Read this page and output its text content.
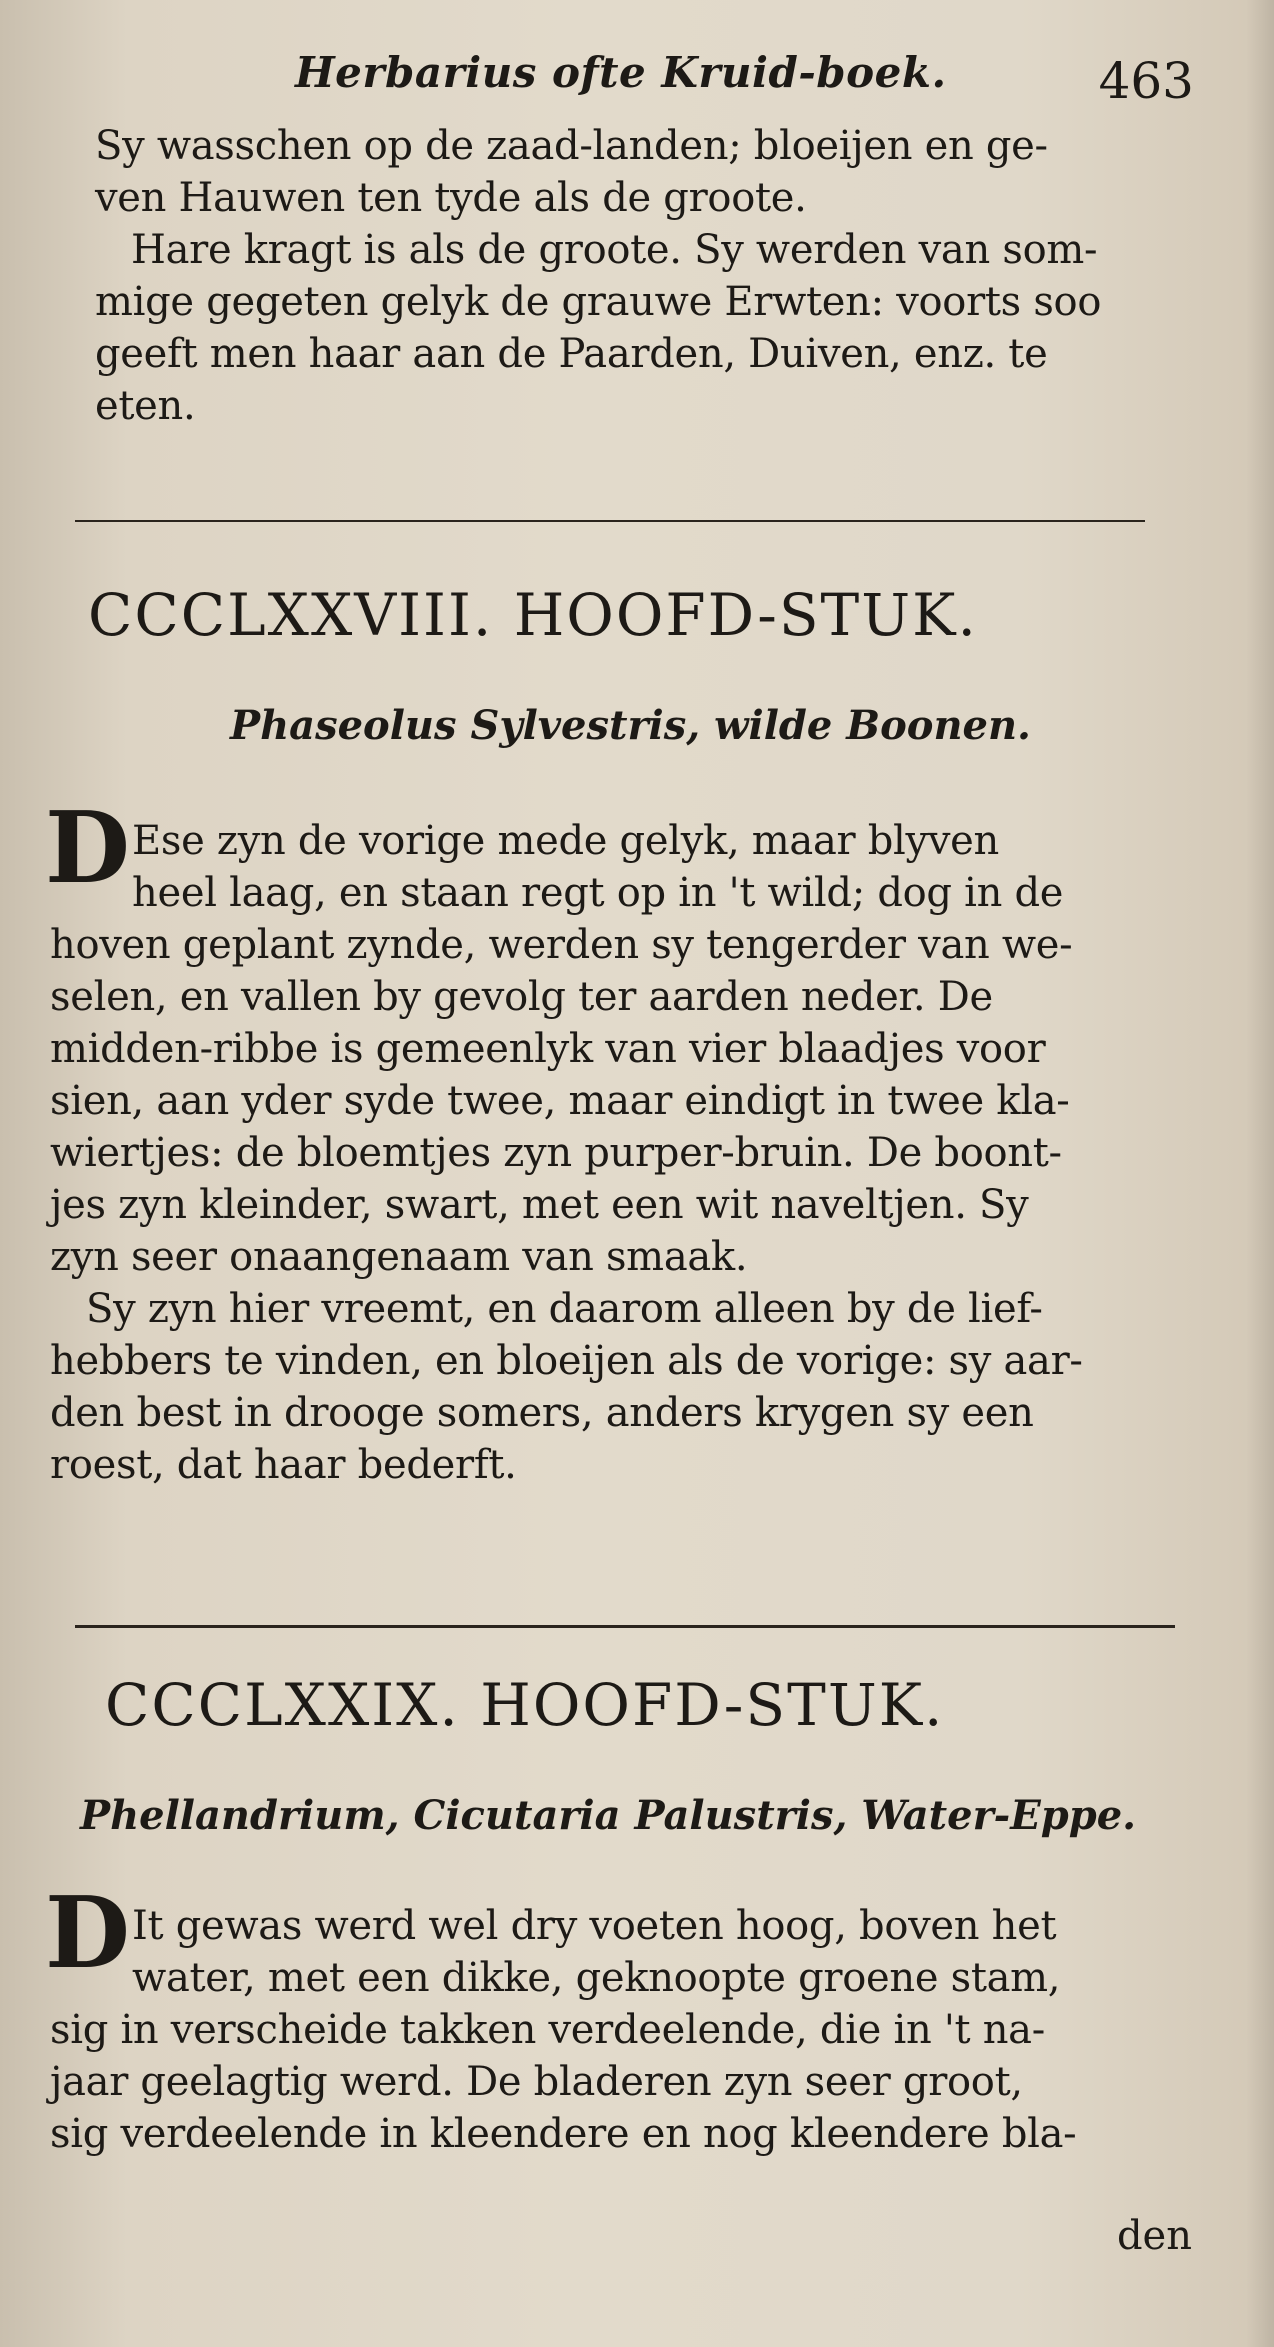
Herbarius ofte Kruid-boek.	463
Sy wasschen op de zaad-landen; bloeijen en ge-
ven Hauwen ten tyde als de groote.
Hare kragt is als de groote. Sy werden van som-
mige gegeten gelyk de grauwe Erwten: voorts soo
geeft men haar aan de Paarden, Duiven, enz. te
eten.
CCCLXXVIII. HOOFD-STUK.
Phaseolus Sylvestris, wilde Boonen.
D Ese zyn de vorige mede gelyk, maar blyven
heel laag, en staan regt op in 't wild; dog in de
hoven geplant zynde, werden sy tengerder van we-
selen, en vallen by gevolg ter aarden neder. De
midden-ribbe is gemeenlyk van vier blaadjes voor
sien, aan yder syde twee, maar eindigt in twee kla-
wiertjes: de bloemtjes zyn purper-bruin. De boont-
jes zyn kleinder, swart, met een wit naveltjen. Sy
zyn seer onaangenaam van smaak.
Sy zyn hier vreemt, en daarom alleen by de lief-
hebbers te vinden, en bloeijen als de vorige: sy aar-
den best in drooge somers, anders krygen sy een
roest, dat haar bederft.
CCCLXXIX. HOOFD-STUK.
Phellandrium, Cicutaria Palustris, Water-Eppe.
D It gewas werd wel dry voeten hoog, boven het
water, met een dikke, geknoopte groene stam,
sig in verscheide takken verdeelende, die in 't na-
jaar geelagtig werd. De bladeren zyn seer groot,
sig verdeelende in kleendere en nog kleendere bla-
den
